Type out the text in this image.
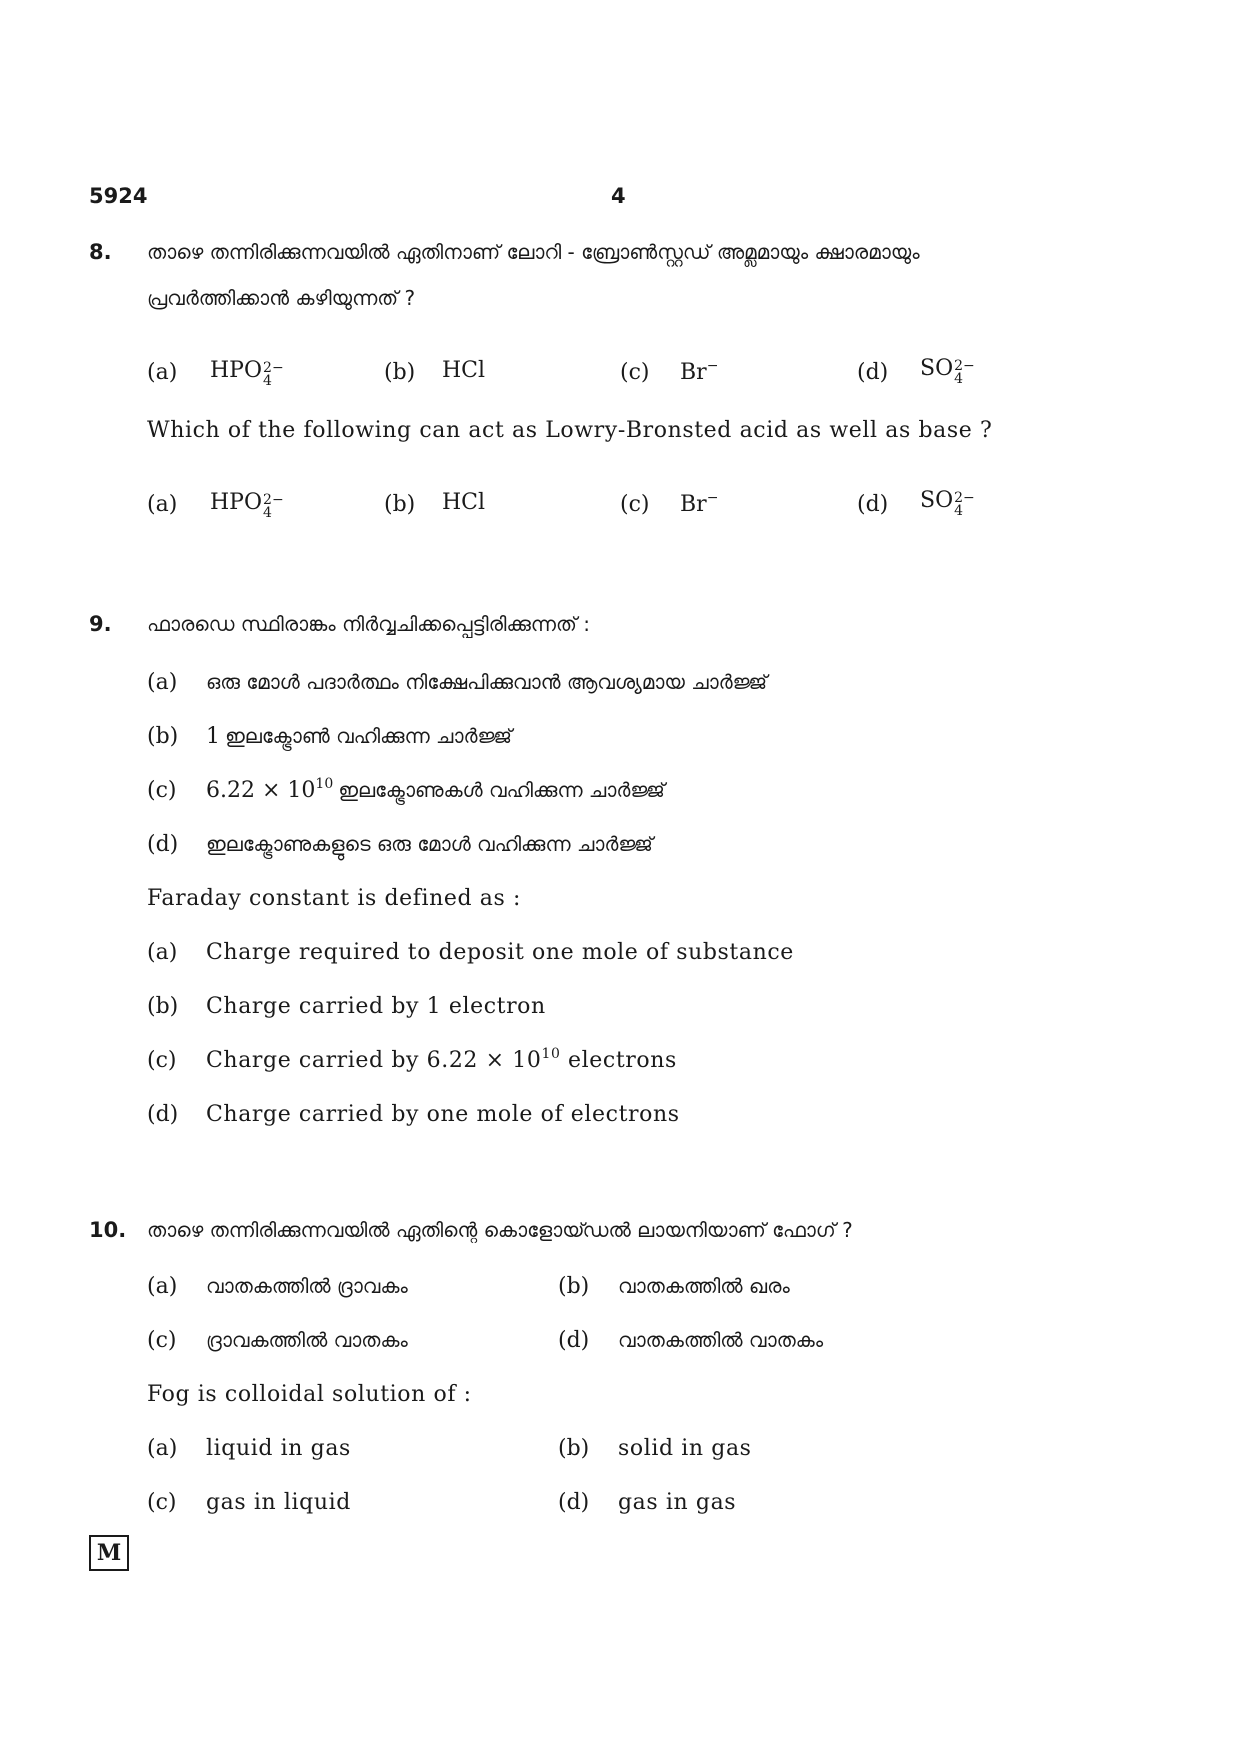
5924	4
8. താഴെ തന്നിരിക്കുന്നവയിൽ ഏതിനാണ് ലോറി - ബ്രോൺസ്റ്റഡ് അമ്ലമായും ക്ഷാരമായും
പ്രവർത്തിക്കാൻ കഴിയുന്നത് ?
(a) HPO 2−
4	(b) HCl	(c) Br−	(d) SO 2−
4
Which of the following can act as Lowry-Bronsted acid as well as base ?
(a) HPO 2−
4	(b) HCl	(c) Br−	(d) SO 2−
4
9. ഫാരഡെ സ്ഥിരാങ്കം നിർവ്വചിക്കപ്പെട്ടിരിക്കുന്നത് :
(a) ഒരു മോൾ പദാർത്ഥം നിക്ഷേപിക്കുവാൻ ആവശ്യമായ ചാർജ്ജ്
(b) 1 ഇലക്ട്രോൺ വഹിക്കുന്ന ചാർജ്ജ്
(c) 6.22 × 1010 ഇലക്ട്രോണുകൾ വഹിക്കുന്ന ചാർജ്ജ്
(d) ഇലക്ട്രോണുകളുടെ ഒരു മോൾ വഹിക്കുന്ന ചാർജ്ജ്
Faraday constant is defined as :
(a) Charge required to deposit one mole of substance
(b) Charge carried by 1 electron
(c) Charge carried by $6.22 \times 10^{10}$ electrons
(d) Charge carried by one mole of electrons
10. താഴെ തന്നിരിക്കുന്നവയിൽ ഏതിന്റെ കൊളോയ്ഡൽ ലായനിയാണ് ഫോഗ് ?
(a) വാതകത്തിൽ ദ്രാവകം	(b) വാതകത്തിൽ ഖരം
(c) ദ്രാവകത്തിൽ വാതകം	(d) വാതകത്തിൽ വാതകം
Fog is colloidal solution of :
(a) liquid in gas	(b) solid in gas
(c) gas in liquid	(d) gas in gas
M
